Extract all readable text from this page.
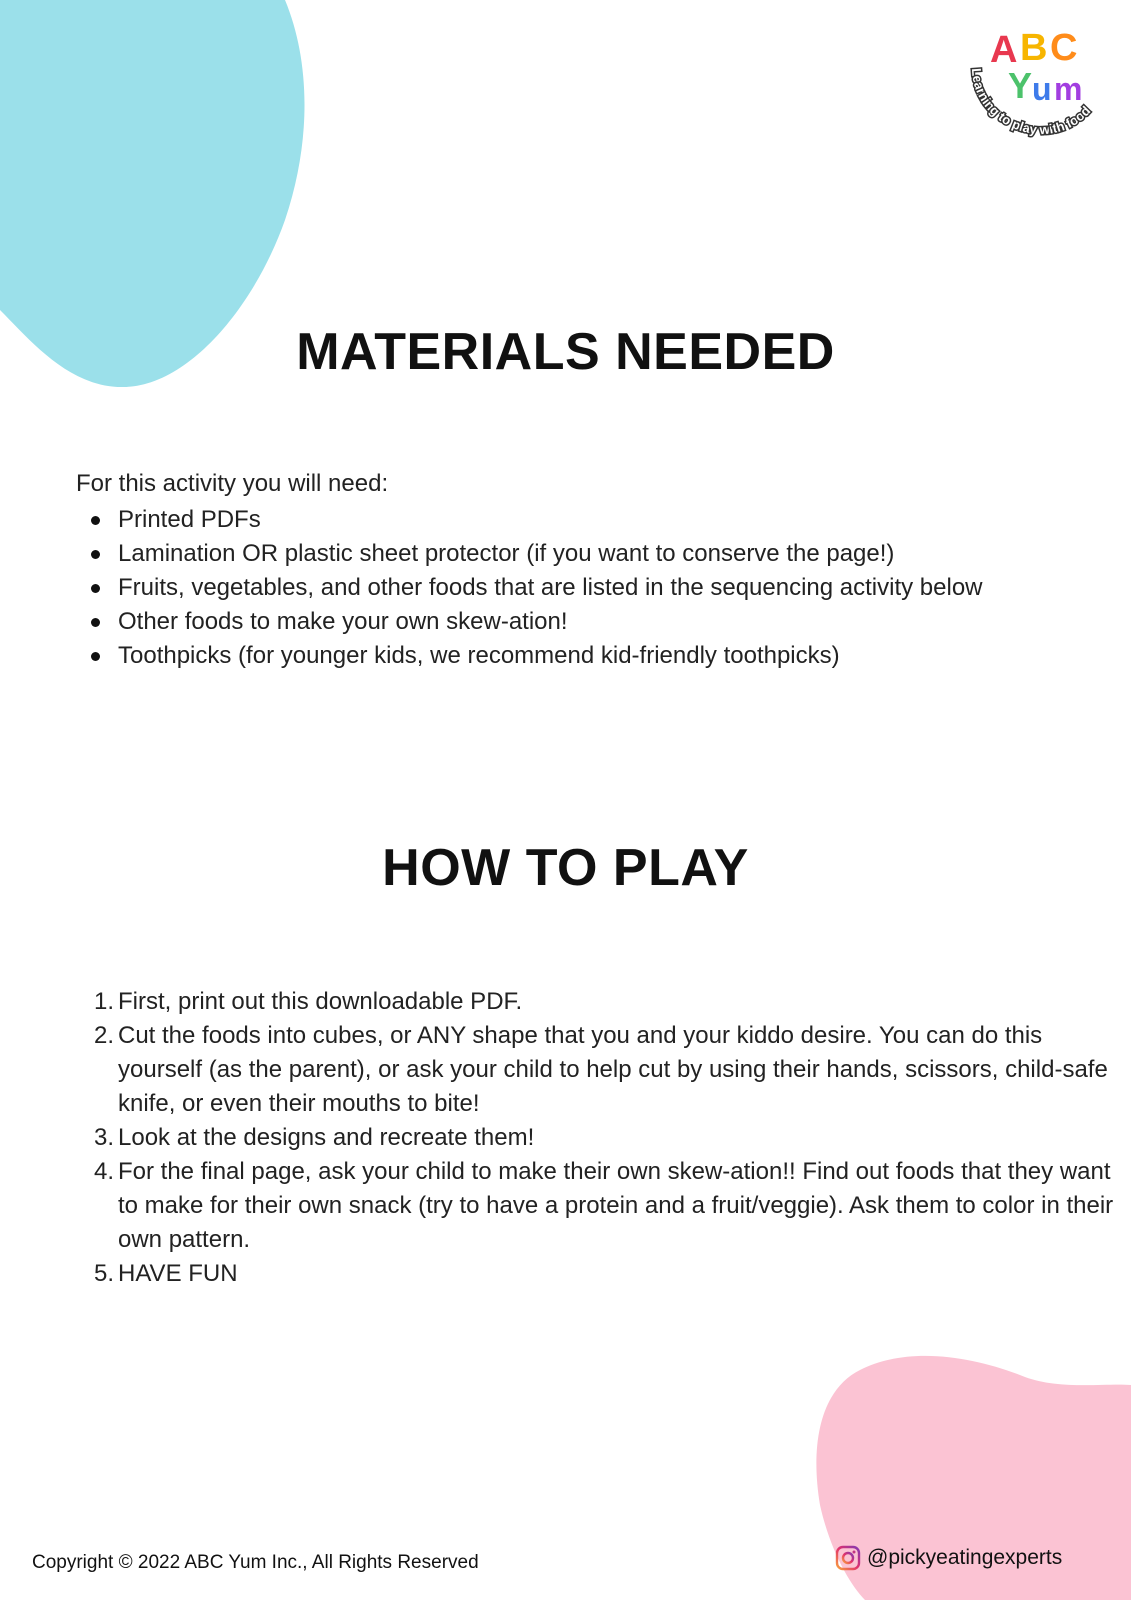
A B C
Y u m
Learning to play with food
MATERIALS NEEDED

For this activity you will need:

Printed PDFs
Lamination OR plastic sheet protector (if you want to conserve the page!)
Fruits, vegetables, and other foods that are listed in the sequencing activity below
Other foods to make your own skew-ation!
Toothpicks (for younger kids, we recommend kid-friendly toothpicks)
HOW TO PLAY
1. First, print out this downloadable PDF.
2. Cut the foods into cubes, or ANY shape that you and your kiddo desire. You can do this yourself (as the parent), or ask your child to help cut by using their hands, scissors, child-safe knife, or even their mouths to bite!
3. Look at the designs and recreate them!
4. For the final page, ask your child to make their own skew-ation!! Find out foods that they want to make for their own snack (try to have a protein and a fruit/veggie). Ask them to color in their own pattern.
5. HAVE FUN
Copyright © 2022 ABC Yum Inc., All Rights Reserved	@pickyeatingexperts
